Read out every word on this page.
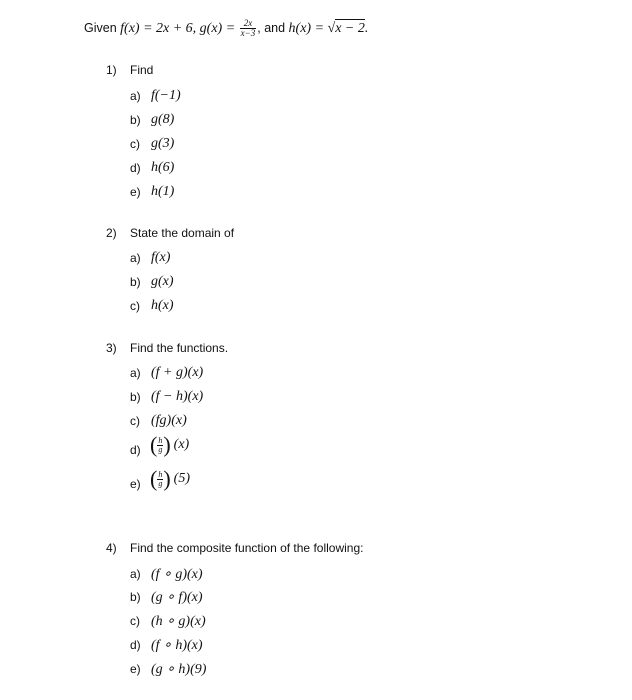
Given f(x) = 2x + 6, $g(x) = \frac{2x}{x-3}$ , and h(x) = √x − 2.
1) Find
a) f(−1)
b) g(8)
c) g(3)
d) h(6)
e) h(1)
2) State the domain of
a) f(x)
b) g(x)
c) h(x)
3) Find the functions.
a) (f + g)(x)
b) (f − h)(x)
c) (fg)(x)
d) ( $\frac{h}{g}$ ) (x)
e) ( $\frac{h}{g}$ ) (5)
4) Find the composite function of the following:
a) (f ∘ g)(x)
b) (g ∘ f)(x)
c) (h ∘ g)(x)
d) (f ∘ h)(x)
e) (g ∘ h)(9)
